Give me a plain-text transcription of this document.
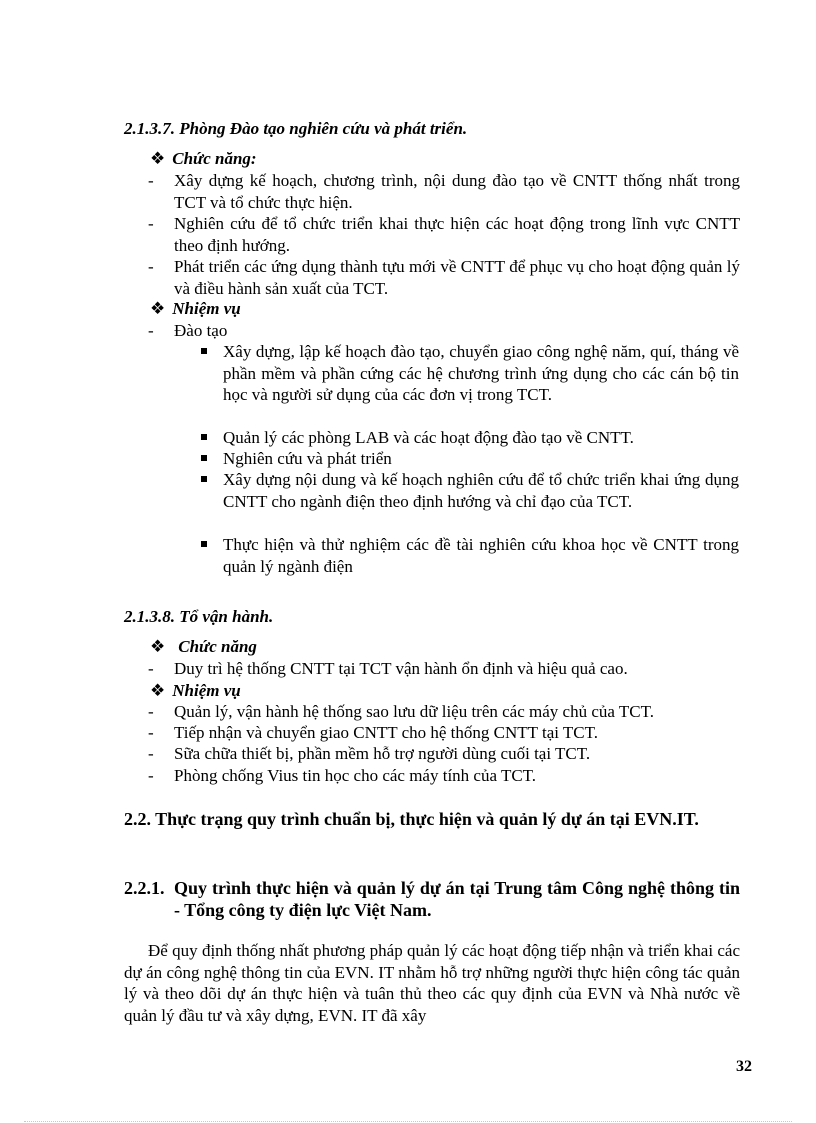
2.1.3.7. Phòng Đào tạo nghiên cứu và phát triển.
❖ Chức năng:
- Xây dựng kế hoạch, chương trình, nội dung đào tạo về CNTT thống nhất trong TCT và tổ chức thực hiện.
- Nghiên cứu để tổ chức triển khai thực hiện các hoạt động trong lĩnh vực CNTT theo định hướng.
- Phát triển các ứng dụng thành tựu mới về CNTT để phục vụ cho hoạt động quản lý và điều hành sản xuất của TCT.
❖ Nhiệm vụ
- Đào tạo
Xây dựng, lập kế hoạch đào tạo, chuyển giao công nghệ năm, quí, tháng về phần mềm và phần cứng các hệ chương trình ứng dụng cho các cán bộ tin học và người sử dụng của các đơn vị trong TCT.
Quản lý các phòng LAB và các hoạt động đào tạo về CNTT.
Nghiên cứu và phát triển
Xây dựng nội dung và kế hoạch nghiên cứu để tổ chức triển khai ứng dụng CNTT cho ngành điện theo định hướng và chỉ đạo của TCT.
Thực hiện và thử nghiệm các đề tài nghiên cứu khoa học về CNTT trong quản lý ngành điện
2.1.3.8. Tổ vận hành.
❖ Chức năng
- Duy trì hệ thống CNTT tại TCT vận hành ổn định và hiệu quả cao.
❖ Nhiệm vụ
- Quản lý, vận hành hệ thống sao lưu dữ liệu trên các máy chủ của TCT.
- Tiếp nhận và chuyển giao CNTT cho hệ thống CNTT tại TCT.
- Sữa chữa thiết bị, phần mềm hỗ trợ người dùng cuối tại TCT.
- Phòng chống Vius tin học cho các máy tính của TCT.
2.2. Thực trạng quy trình chuẩn bị, thực hiện và quản lý dự án tại EVN.IT.
2.2.1. Quy trình thực hiện và quản lý dự án tại Trung tâm Công nghệ thông tin - Tổng công ty điện lực Việt Nam.
Để quy định thống nhất phương pháp quản lý các hoạt động tiếp nhận và triển khai các dự án công nghệ thông tin của EVN. IT nhằm hỗ trợ những người thực hiện công tác quản lý và theo dõi dự án thực hiện và tuân thủ theo các quy định của EVN và Nhà nước về quản lý đầu tư và xây dựng, EVN. IT đã xây
32
